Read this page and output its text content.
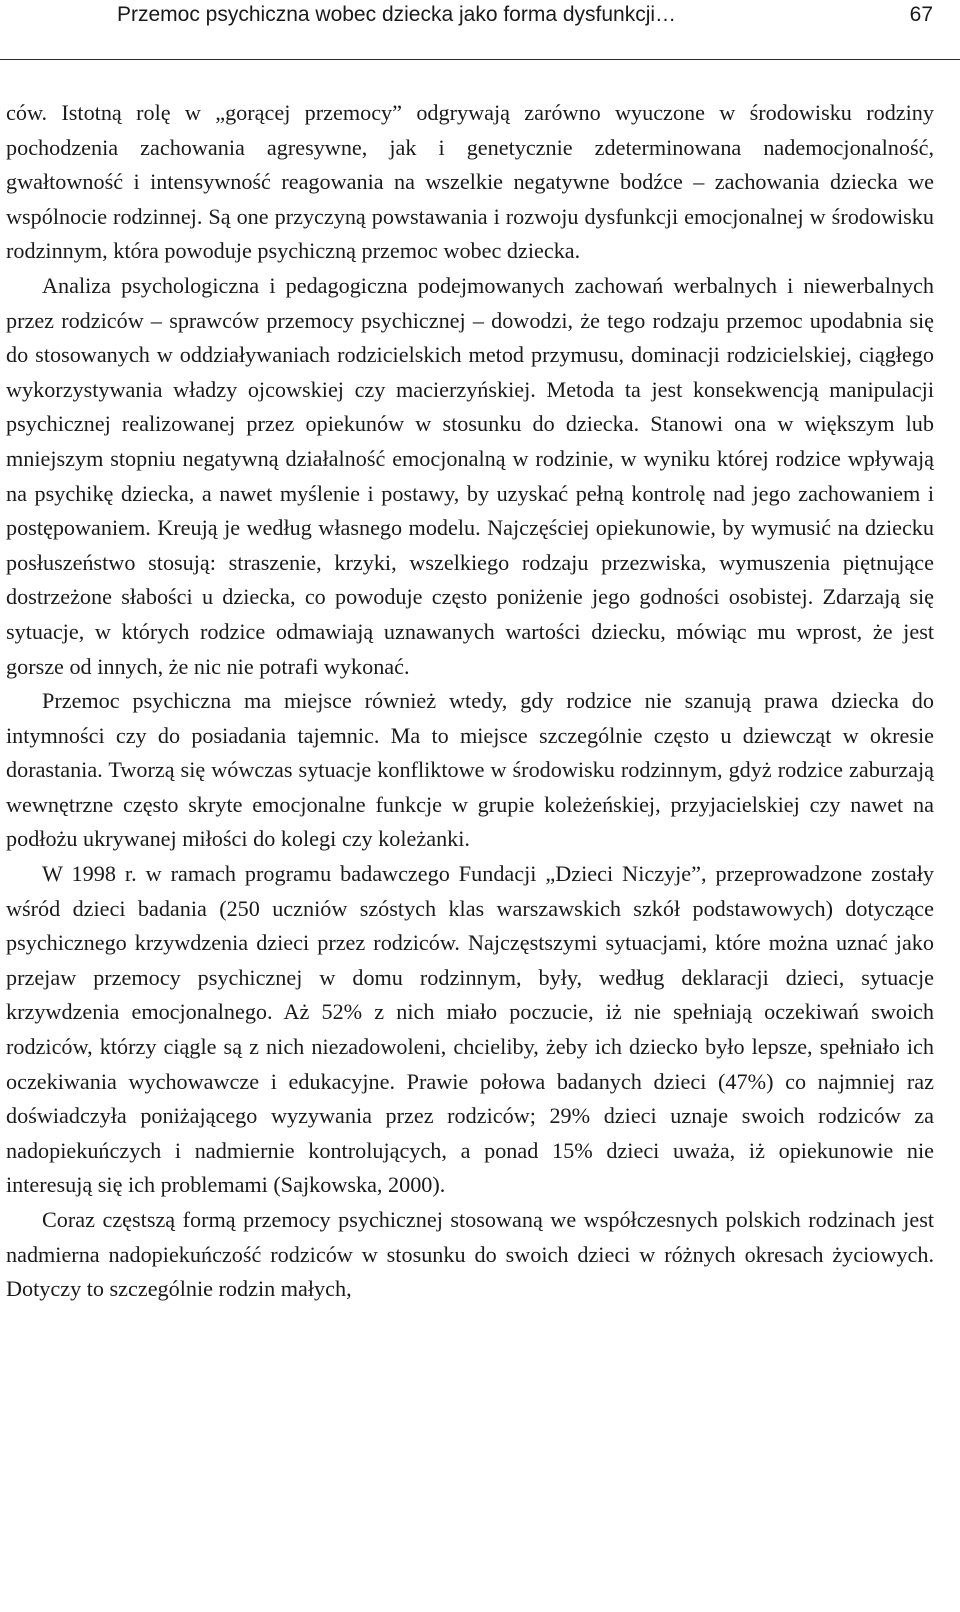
Przemoc psychiczna wobec dziecka jako forma dysfunkcji…	67

ców. Istotną rolę w „gorącej przemocy” odgrywają zarówno wyuczone w środowisku rodziny pochodzenia zachowania agresywne, jak i genetycznie zdeterminowana nademocjonalność, gwałtowność i intensywność reagowania na wszelkie negatywne bodźce – zachowania dziecka we wspólnocie rodzinnej. Są one przyczyną powstawania i rozwoju dysfunkcji emocjonalnej w środowisku rodzinnym, która powoduje psychiczną przemoc wobec dziecka.

Analiza psychologiczna i pedagogiczna podejmowanych zachowań werbalnych i niewerbalnych przez rodziców – sprawców przemocy psychicznej – dowodzi, że tego rodzaju przemoc upodabnia się do stosowanych w oddziaływaniach rodzicielskich metod przymusu, dominacji rodzicielskiej, ciągłego wykorzystywania władzy ojcowskiej czy macierzyńskiej. Metoda ta jest konsekwencją manipulacji psychicznej realizowanej przez opiekunów w stosunku do dziecka. Stanowi ona w większym lub mniejszym stopniu negatywną działalność emocjonalną w rodzinie, w wyniku której rodzice wpływają na psychikę dziecka, a nawet myślenie i postawy, by uzyskać pełną kontrolę nad jego zachowaniem i postępowaniem. Kreują je według własnego modelu. Najczęściej opiekunowie, by wymusić na dziecku posłuszeństwo stosują: straszenie, krzyki, wszelkiego rodzaju przezwiska, wymuszenia piętnujące dostrzeżone słabości u dziecka, co powoduje często poniżenie jego godności osobistej. Zdarzają się sytuacje, w których rodzice odmawiają uznawanych wartości dziecku, mówiąc mu wprost, że jest gorsze od innych, że nic nie potrafi wykonać.

Przemoc psychiczna ma miejsce również wtedy, gdy rodzice nie szanują prawa dziecka do intymności czy do posiadania tajemnic. Ma to miejsce szczególnie często u dziewcząt w okresie dorastania. Tworzą się wówczas sytuacje konfliktowe w środowisku rodzinnym, gdyż rodzice zaburzają wewnętrzne często skryte emocjonalne funkcje w grupie koleżeńskiej, przyjacielskiej czy nawet na podłożu ukrywanej miłości do kolegi czy koleżanki.

W 1998 r. w ramach programu badawczego Fundacji „Dzieci Niczyje”, przeprowadzone zostały wśród dzieci badania (250 uczniów szóstych klas warszawskich szkół podstawowych) dotyczące psychicznego krzywdzenia dzieci przez rodziców. Najczęstszymi sytuacjami, które można uznać jako przejaw przemocy psychicznej w domu rodzinnym, były, według deklaracji dzieci, sytuacje krzywdzenia emocjonalnego. Aż 52% z nich miało poczucie, iż nie spełniają oczekiwań swoich rodziców, którzy ciągle są z nich niezadowoleni, chcieliby, żeby ich dziecko było lepsze, spełniało ich oczekiwania wychowawcze i edukacyjne. Prawie połowa badanych dzieci (47%) co najmniej raz doświadczyła poniżającego wyzywania przez rodziców; 29% dzieci uznaje swoich rodziców za nadopiekuńczych i nadmiernie kontrolujących, a ponad 15% dzieci uważa, iż opiekunowie nie interesują się ich problemami (Sajkowska, 2000).

Coraz częstszą formą przemocy psychicznej stosowaną we współczesnych polskich rodzinach jest nadmierna nadopiekuńczość rodziców w stosunku do swoich dzieci w różnych okresach życiowych. Dotyczy to szczególnie rodzin małych,
